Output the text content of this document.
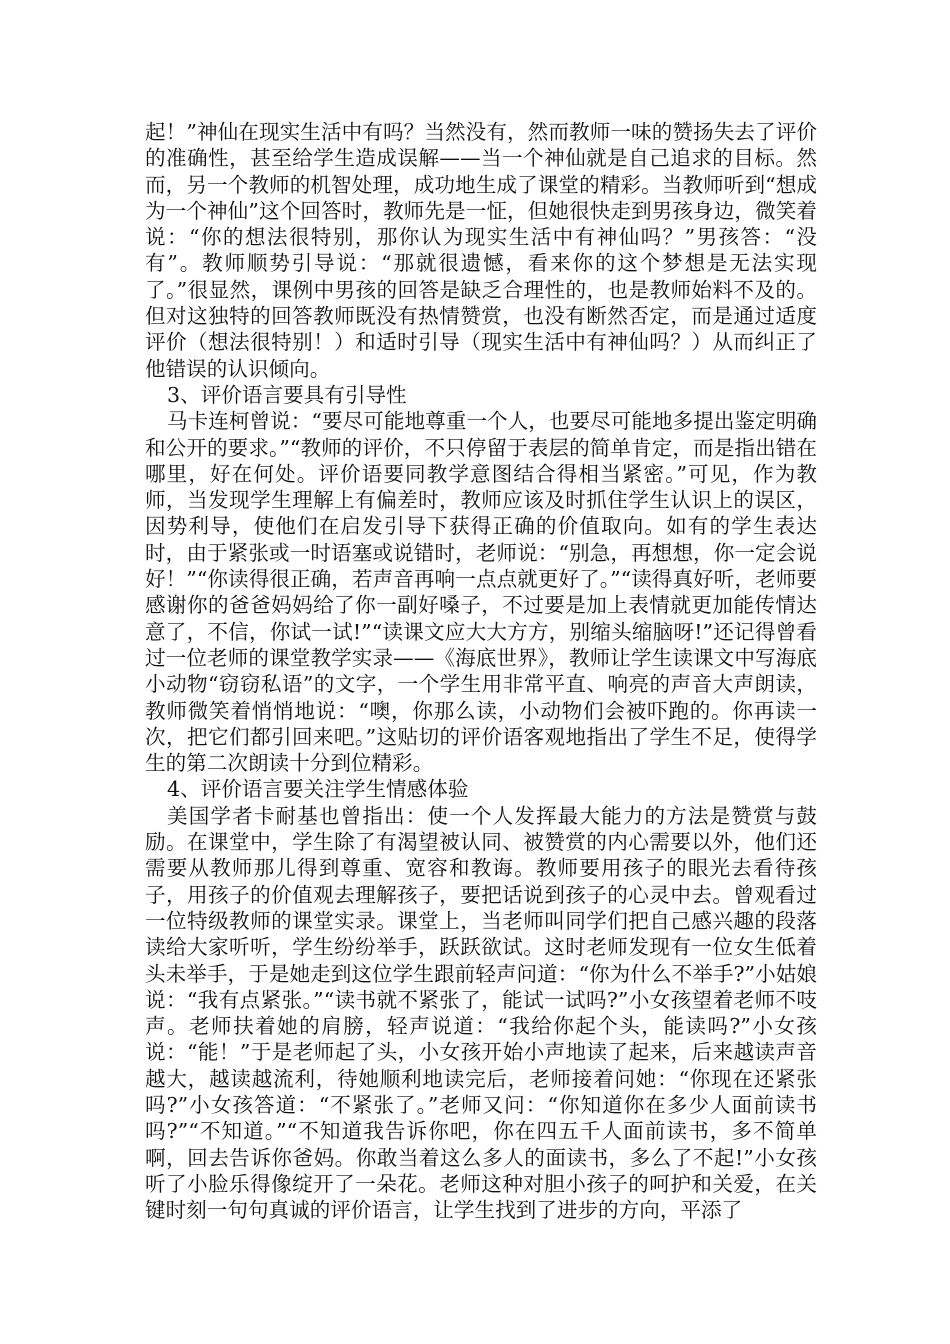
起！”神仙在现实生活中有吗？当然没有，然而教师一味的赞扬失去了评价的准确性，甚至给学生造成误解——当一个神仙就是自己追求的目标。然而，另一个教师的机智处理，成功地生成了课堂的精彩。当教师听到“想成为一个神仙”这个回答时，教师先是一怔，但她很快走到男孩身边，微笑着说：“你的想法很特别，那你认为现实生活中有神仙吗？”男孩答：“没有”。教师顺势引导说：“那就很遗憾，看来你的这个梦想是无法实现了。”很显然，课例中男孩的回答是缺乏合理性的，也是教师始料不及的。但对这独特的回答教师既没有热情赞赏，也没有断然否定，而是通过适度评价（想法很特别！）和适时引导（现实生活中有神仙吗？）从而纠正了他错误的认识倾向。

3、评价语言要具有引导性

马卡连柯曾说：“要尽可能地尊重一个人，也要尽可能地多提出鉴定明确和公开的要求。”“教师的评价，不只停留于表层的简单肯定，而是指出错在哪里，好在何处。评价语要同教学意图结合得相当紧密。”可见，作为教师，当发现学生理解上有偏差时，教师应该及时抓住学生认识上的误区，因势利导，使他们在启发引导下获得正确的价值取向。如有的学生表达时，由于紧张或一时语塞或说错时，老师说：“别急，再想想，你一定会说好！”“你读得很正确，若声音再响一点点就更好了。”“读得真好听，老师要感谢你的爸爸妈妈给了你一副好嗓子，不过要是加上表情就更加能传情达意了，不信，你试一试!”“读课文应大大方方，别缩头缩脑呀!”还记得曾看过一位老师的课堂教学实录——《海底世界》，教师让学生读课文中写海底小动物“窃窃私语”的文字，一个学生用非常平直、响亮的声音大声朗读，教师微笑着悄悄地说：“噢，你那么读，小动物们会被吓跑的。你再读一次，把它们都引回来吧。”这贴切的评价语客观地指出了学生不足，使得学生的第二次朗读十分到位精彩。

4、评价语言要关注学生情感体验

美国学者卡耐基也曾指出：使一个人发挥最大能力的方法是赞赏与鼓励。在课堂中，学生除了有渴望被认同、被赞赏的内心需要以外，他们还需要从教师那儿得到尊重、宽容和教诲。教师要用孩子的眼光去看待孩子，用孩子的价值观去理解孩子，要把话说到孩子的心灵中去。曾观看过一位特级教师的课堂实录。课堂上，当老师叫同学们把自己感兴趣的段落读给大家听听，学生纷纷举手，跃跃欲试。这时老师发现有一位女生低着头未举手，于是她走到这位学生跟前轻声问道：“你为什么不举手?”小姑娘说：“我有点紧张。”“读书就不紧张了，能试一试吗?”小女孩望着老师不吱声。老师扶着她的肩膀，轻声说道：“我给你起个头，能读吗?”小女孩说：“能！”于是老师起了头，小女孩开始小声地读了起来，后来越读声音越大，越读越流利，待她顺利地读完后，老师接着问她：“你现在还紧张吗?”小女孩答道：“不紧张了。”老师又问：“你知道你在多少人面前读书吗?”“不知道。”“不知道我告诉你吧，你在四五千人面前读书，多不简单啊，回去告诉你爸妈。你敢当着这么多人的面读书，多么了不起!”小女孩听了小脸乐得像绽开了一朵花。老师这种对胆小孩子的呵护和关爱，在关键时刻一句句真诚的评价语言，让学生找到了进步的方向，平添了
